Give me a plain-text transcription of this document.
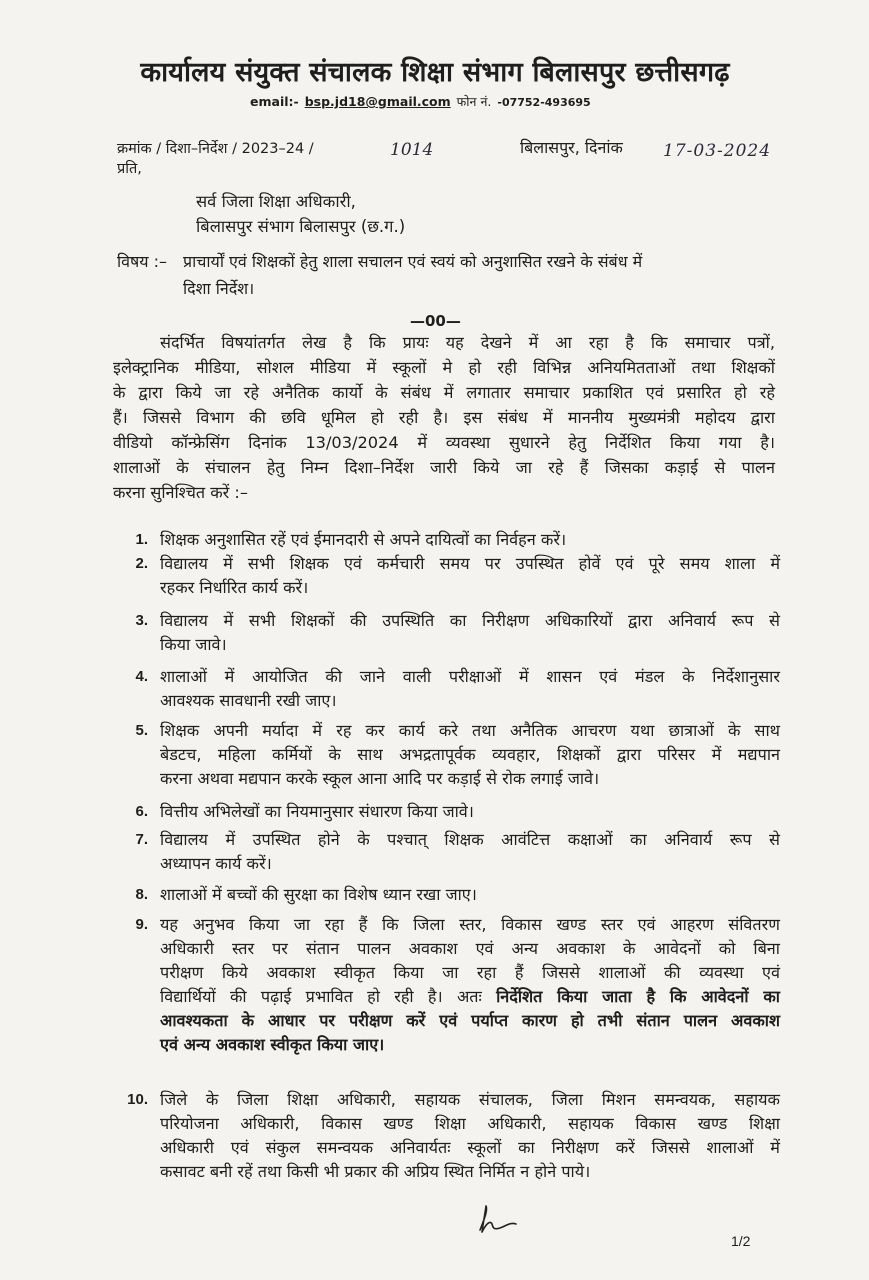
कार्यालय संयुक्त संचालक शिक्षा संभाग बिलासपुर छत्तीसगढ़
email:- bsp.jd18@gmail.com फोन नं. -07752-493695
क्रमांक / दिशा–निर्देश / 2023–24 /	1014	बिलासपुर, दिनांक 17-03-2024
प्रति,
सर्व जिला शिक्षा अधिकारी,
बिलासपुर संभाग बिलासपुर (छ.ग.)
विषय :– प्राचार्यों एवं शिक्षकों हेतु शाला सचालन एवं स्वयं को अनुशासित रखने के संबंध में
दिशा निर्देश।
—00—
संदर्भित विषयांतर्गत लेख है कि प्रायः यह देखने में आ रहा है कि समाचार पत्रों,
इलेक्ट्रानिक मीडिया, सोशल मीडिया में स्कूलों मे हो रही विभिन्न अनियमितताओं तथा शिक्षकों
के द्वारा किये जा रहे अनैतिक कार्यो के संबंध में लगातार समाचार प्रकाशित एवं प्रसारित हो रहे
हैं। जिससे विभाग की छवि धूमिल हो रही है। इस संबंध में माननीय मुख्यमंत्री महोदय द्वारा
वीडियो कॉन्फ्रेसिंग दिनांक 13/03/2024 में व्यवस्था सुधारने हेतु निर्देशित किया गया है।
शालाओं के संचालन हेतु निम्न दिशा–निर्देश जारी किये जा रहे हैं जिसका कड़ाई से पालन
करना सुनिश्चित करें :–
1. शिक्षक अनुशासित रहें एवं ईमानदारी से अपने दायित्वों का निर्वहन करें।
2. विद्यालय में सभी शिक्षक एवं कर्मचारी समय पर उपस्थित होवें एवं पूरे समय शाला में
रहकर निर्धारित कार्य करें।
3. विद्यालय में सभी शिक्षकों की उपस्थिति का निरीक्षण अधिकारियों द्वारा अनिवार्य रूप से
किया जावे।
4. शालाओं में आयोजित की जाने वाली परीक्षाओं में शासन एवं मंडल के निर्देशानुसार
आवश्यक सावधानी रखी जाए।
5. शिक्षक अपनी मर्यादा में रह कर कार्य करे तथा अनैतिक आचरण यथा छात्राओं के साथ
बेडटच, महिला कर्मियों के साथ अभद्रतापूर्वक व्यवहार, शिक्षकों द्वारा परिसर में मद्यपान
करना अथवा मद्यपान करके स्कूल आना आदि पर कड़ाई से रोक लगाई जावे।
6. वित्तीय अभिलेखों का नियमानुसार संधारण किया जावे।
7. विद्यालय में उपस्थित होने के पश्चात् शिक्षक आवंटित्त कक्षाओं का अनिवार्य रूप से
अध्यापन कार्य करें।
8. शालाओं में बच्चों की सुरक्षा का विशेष ध्यान रखा जाए।
9. यह अनुभव किया जा रहा हैं कि जिला स्तर, विकास खण्ड स्तर एवं आहरण संवितरण
अधिकारी स्तर पर संतान पालन अवकाश एवं अन्य अवकाश के आवेदनों को बिना
परीक्षण किये अवकाश स्वीकृत किया जा रहा हैं जिससे शालाओं की व्यवस्था एवं
विद्यार्थियों की पढ़ाई प्रभावित हो रही है। अतः निर्देशित किया जाता है कि आवेदनों का
आवश्यकता के आधार पर परीक्षण करें एवं पर्याप्त कारण हो तभी संतान पालन अवकाश
एवं अन्य अवकाश स्वीकृत किया जाए।
10. जिले के जिला शिक्षा अधिकारी, सहायक संचालक, जिला मिशन समन्वयक, सहायक
परियोजना अधिकारी, विकास खण्ड शिक्षा अधिकारी, सहायक विकास खण्ड शिक्षा
अधिकारी एवं संकुल समन्वयक अनिवार्यतः स्कूलों का निरीक्षण करें जिससे शालाओं में
कसावट बनी रहें तथा किसी भी प्रकार की अप्रिय स्थित निर्मित न होने पाये।
1/2
